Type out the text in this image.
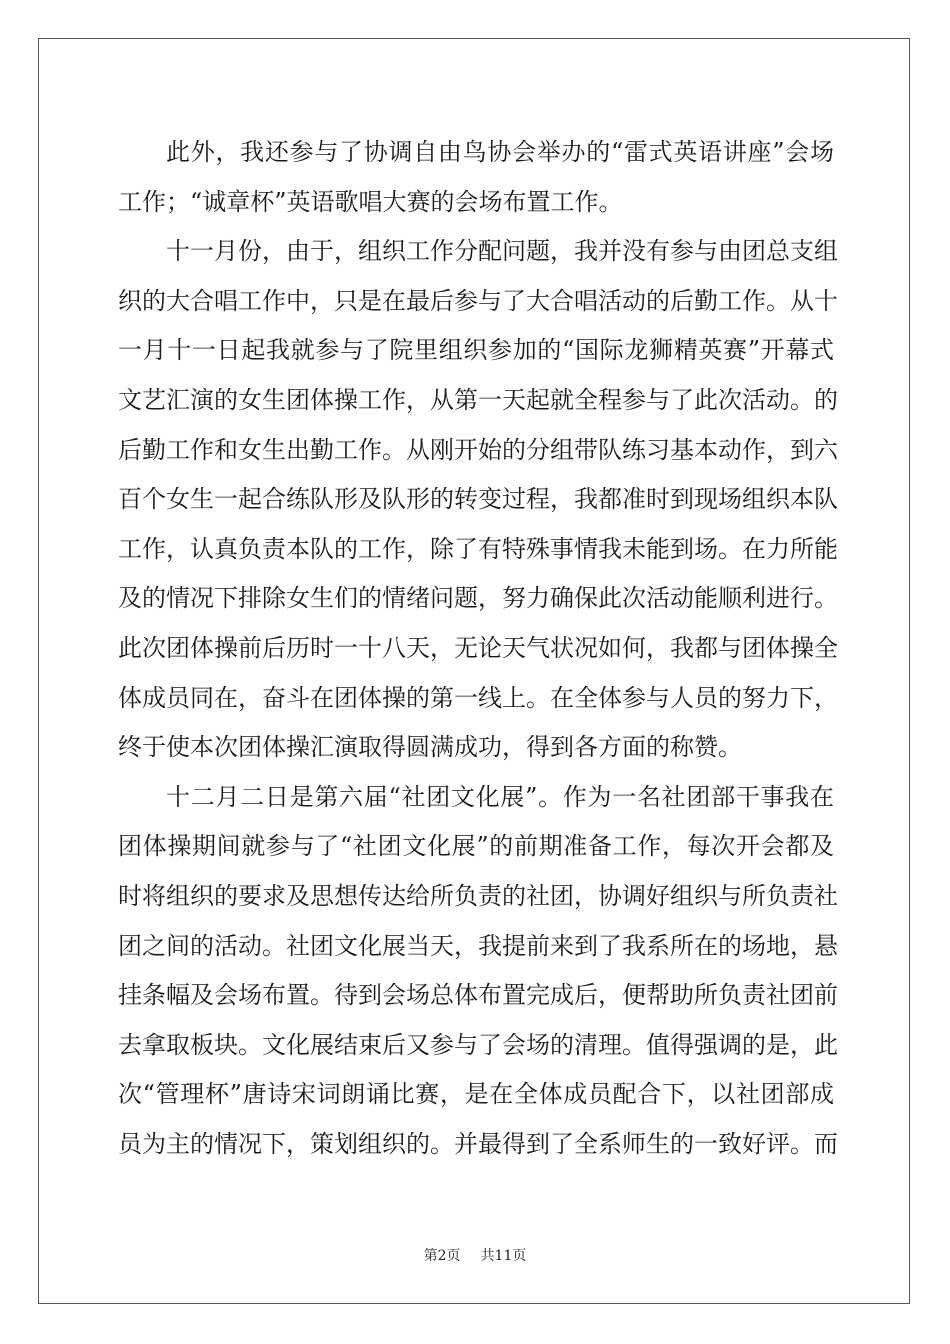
此外，我还参与了协调自由鸟协会举办的“雷式英语讲座”会场
工作；“诚章杯”英语歌唱大赛的会场布置工作。
十一月份，由于，组织工作分配问题，我并没有参与由团总支组
织的大合唱工作中，只是在最后参与了大合唱活动的后勤工作。从十
一月十一日起我就参与了院里组织参加的“国际龙狮精英赛”开幕式
文艺汇演的女生团体操工作，从第一天起就全程参与了此次活动。的
后勤工作和女生出勤工作。从刚开始的分组带队练习基本动作，到六
百个女生一起合练队形及队形的转变过程，我都准时到现场组织本队
工作，认真负责本队的工作，除了有特殊事情我未能到场。在力所能
及的情况下排除女生们的情绪问题，努力确保此次活动能顺利进行。
此次团体操前后历时一十八天，无论天气状况如何，我都与团体操全
体成员同在，奋斗在团体操的第一线上。在全体参与人员的努力下，
终于使本次团体操汇演取得圆满成功，得到各方面的称赞。
十二月二日是第六届“社团文化展”。作为一名社团部干事我在
团体操期间就参与了“社团文化展”的前期准备工作，每次开会都及
时将组织的要求及思想传达给所负责的社团，协调好组织与所负责社
团之间的活动。社团文化展当天，我提前来到了我系所在的场地，悬
挂条幅及会场布置。待到会场总体布置完成后，便帮助所负责社团前
去拿取板块。文化展结束后又参与了会场的清理。值得强调的是，此
次“管理杯”唐诗宋词朗诵比赛，是在全体成员配合下，以社团部成
员为主的情况下，策划组织的。并最得到了全系师生的一致好评。而
第2页 共11页
